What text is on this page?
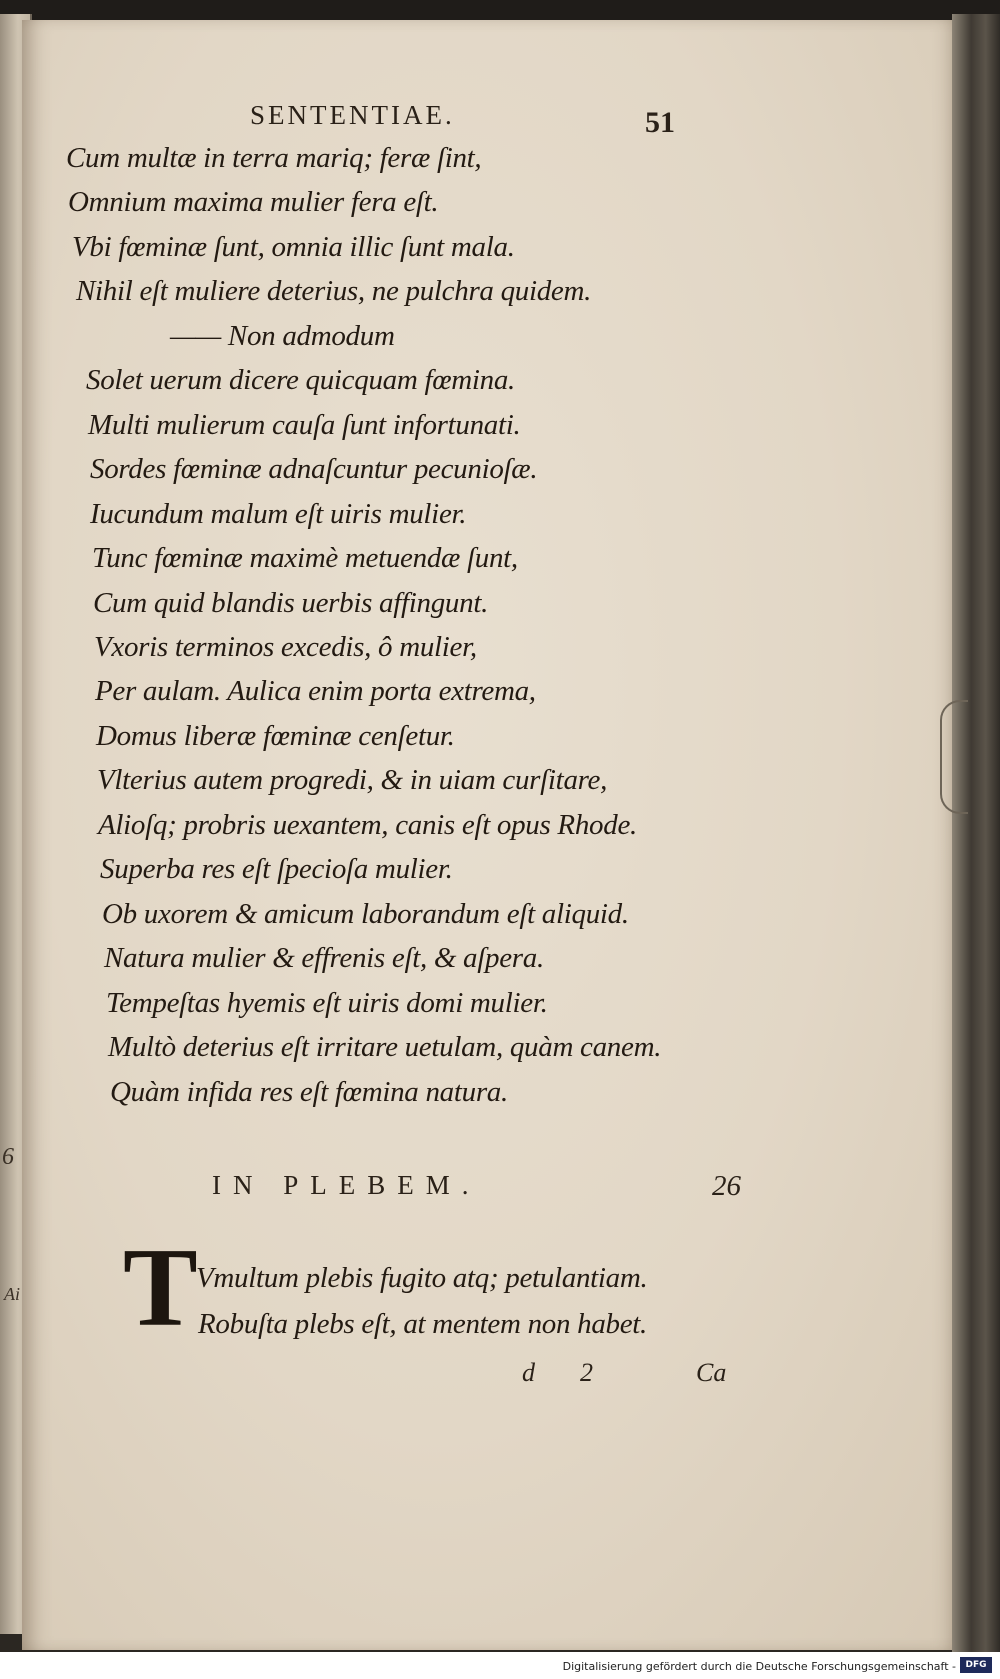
6
Ai
SENTENTIAE.	51
Cum multæ in terra mariq; feræ ſint,
Omnium maxima mulier fera eſt.
Vbi fœminæ ſunt, omnia illic ſunt mala.
Nihil eſt muliere deterius, ne pulchra quidem.
—— Non admodum
Solet uerum dicere quicquam fœmina.
Multi mulierum cauſa ſunt infortunati.
Sordes fœminæ adnaſcuntur pecunioſæ.
Iucundum malum eſt uiris mulier.
Tunc fœminæ maximè metuendæ ſunt,
Cum quid blandis uerbis affingunt.
Vxoris terminos excedis, ô mulier,
Per aulam. Aulica enim porta extrema,
Domus liberæ fœminæ cenſetur.
Vlterius autem progredi, & in uiam curſitare,
Alioſq; probris uexantem, canis eſt opus Rhode.
Superba res eſt ſpecioſa mulier.
Ob uxorem & amicum laborandum eſt aliquid.
Natura mulier & effrenis eſt, & aſpera.
Tempeſtas hyemis eſt uiris domi mulier.
Multò deterius eſt irritare uetulam, quàm canem.
Quàm infida res eſt fœmina natura.
IN PLEBEM.	26
T
Vmultum plebis fugito atq; petulantiam.
Robuſta plebs eſt, at mentem non habet.
d 2	Ca
Digitalisierung gefördert durch die Deutsche Forschungsgemeinschaft -	DFG
